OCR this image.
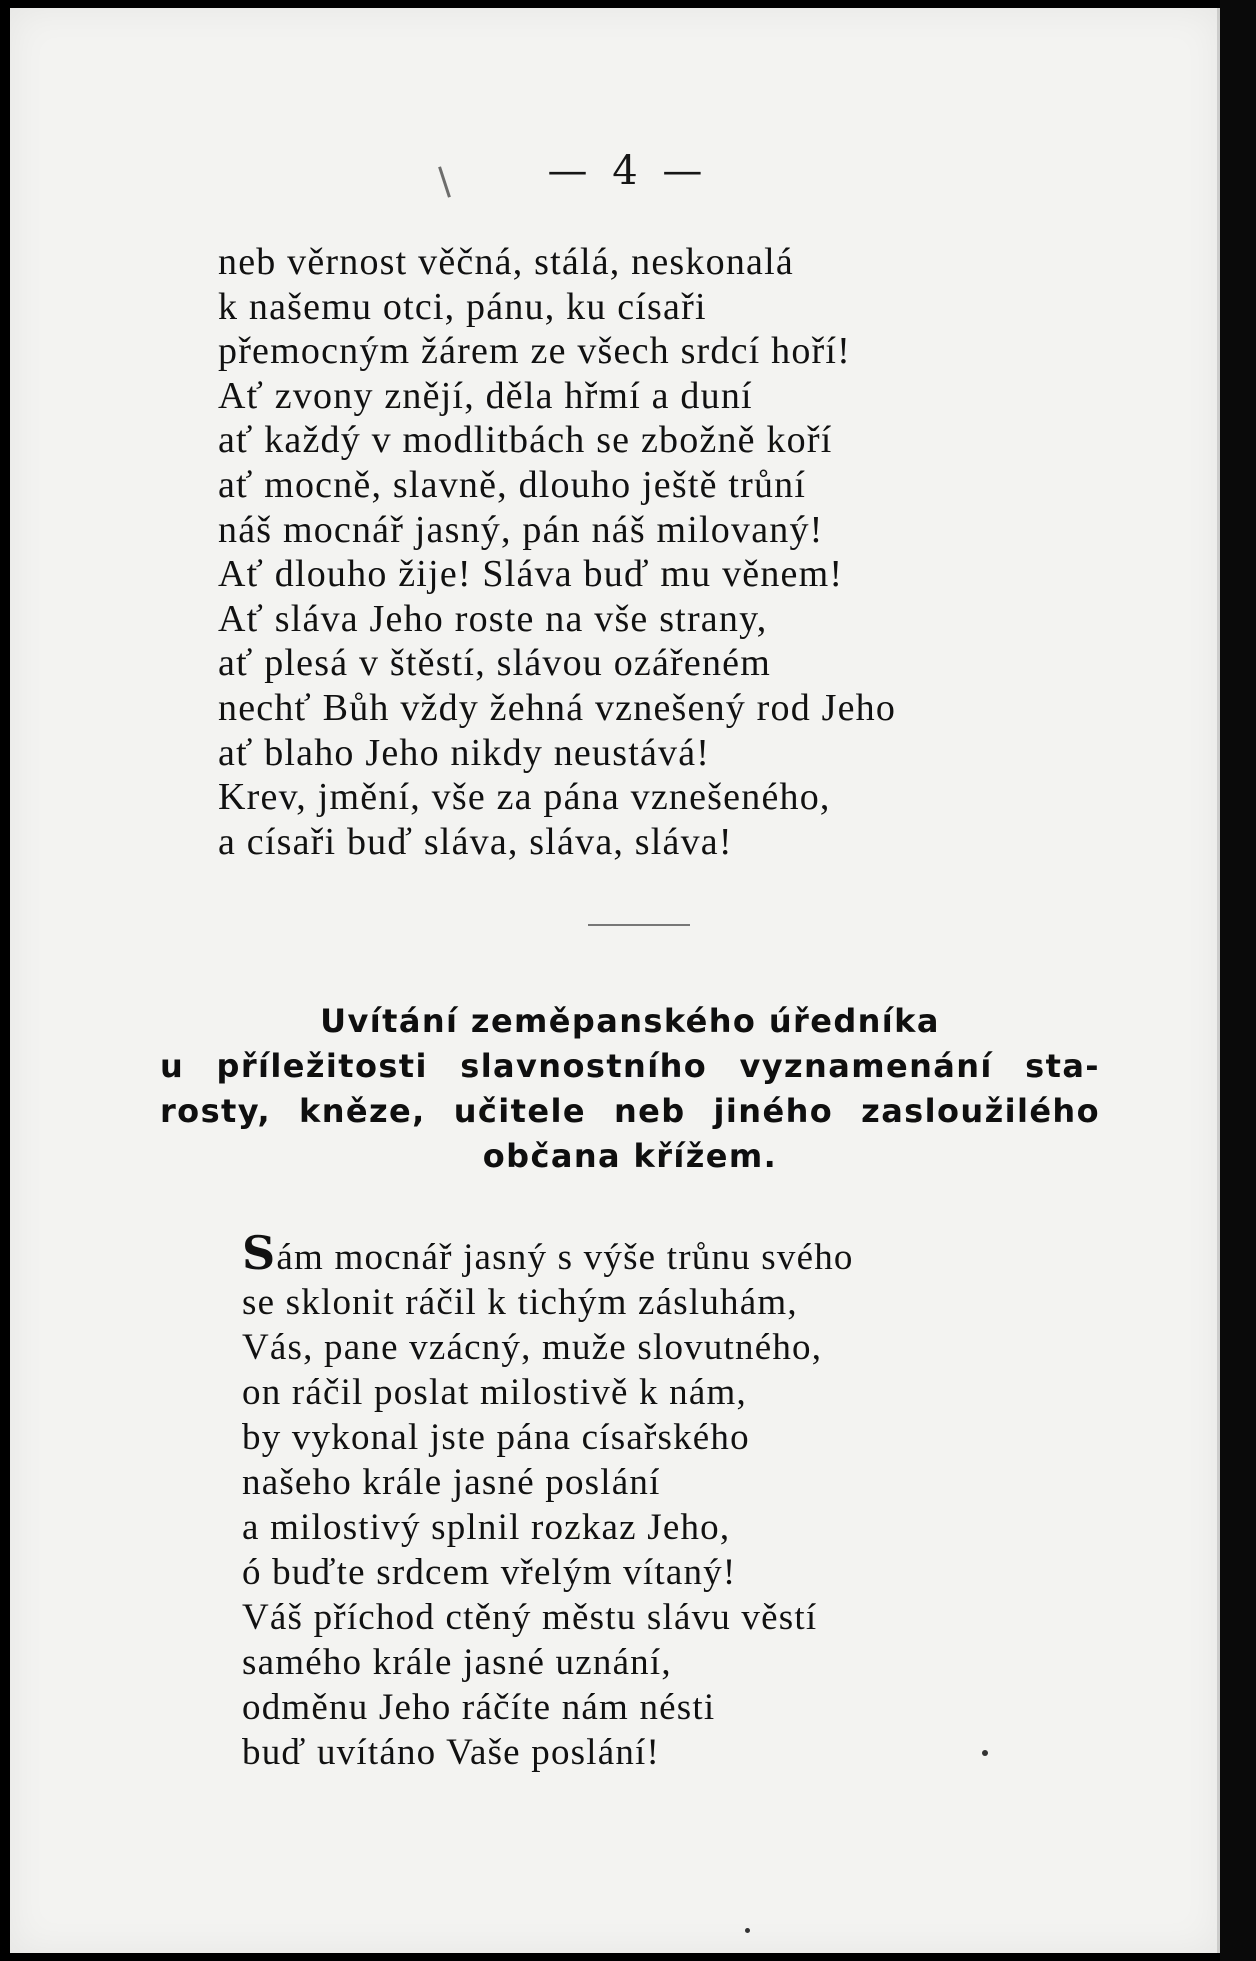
— 4 —
neb věrnost věčná, stálá, neskonalá
k našemu otci, pánu, ku císaři
přemocným žárem ze všech srdcí hoří!
Ať zvony znějí, děla hřmí a duní
ať každý v modlitbách se zbožně koří
ať mocně, slavně, dlouho ještě trůní
náš mocnář jasný, pán náš milovaný!
Ať dlouho žije! Sláva buď mu věnem!
Ať sláva Jeho roste na vše strany,
ať plesá v štěstí, slávou ozářeném
nechť Bůh vždy žehná vznešený rod Jeho
ať blaho Jeho nikdy neustává!
Krev, jmění, vše za pána vznešeného,
a císaři buď sláva, sláva, sláva!
Uvítání zeměpanského úředníka
u příležitosti slavnostního vyznamenání sta-
rosty, kněze, učitele neb jiného zasloužilého
občana křížem.
Sám mocnář jasný s výše trůnu svého
se sklonit ráčil k tichým zásluhám,
Vás, pane vzácný, muže slovutného,
on ráčil poslat milostivě k nám,
by vykonal jste pána císařského
našeho krále jasné poslání
a milostivý splnil rozkaz Jeho,
ó buďte srdcem vřelým vítaný!
Váš příchod ctěný městu slávu věstí
samého krále jasné uznání,
odměnu Jeho ráčíte nám nésti
buď uvítáno Vaše poslání!
